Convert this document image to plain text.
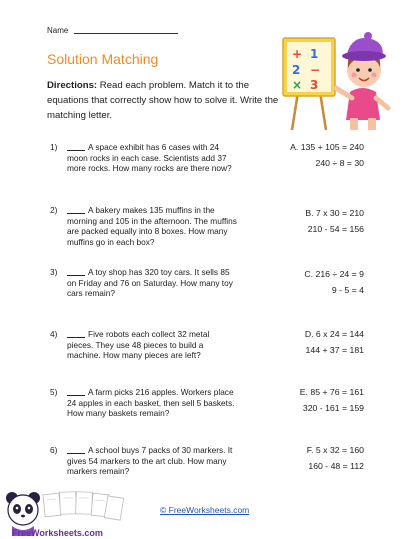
Name
Solution Matching
Directions: Read each problem. Match it to the equations that correctly show how to solve it. Write the matching letter.
+ 1
2 −
× 3
1)	A space exhibit has 6 cases with 24 moon rocks in each case. Scientists add 37 more rocks. How many rocks are there now?
2)	A bakery makes 135 muffins in the morning and 105 in the afternoon. The muffins are packed equally into 8 boxes. How many muffins go in each box?
3)	A toy shop has 320 toy cars. It sells 85 on Friday and 76 on Saturday. How many toy cars remain?
4)	Five robots each collect 32 metal pieces. They use 48 pieces to build a machine. How many pieces are left?
5)	A farm picks 216 apples. Workers place 24 apples in each basket, then sell 5 baskets. How many baskets remain?
6)	A school buys 7 packs of 30 markers. It gives 54 markers to the art club. How many markers remain?
A. 135 + 105 = 240
240 ÷ 8 = 30
B. 7 x 30 = 210
210 - 54 = 156
C. 216 ÷ 24 = 9
9 - 5 = 4
D. 6 x 24 = 144
144 + 37 = 181
E. 85 + 76 = 161
320 - 161 = 159
F. 5 x 32 = 160
160 - 48 = 112
FreeWorksheets.com
© FreeWorksheets.com
